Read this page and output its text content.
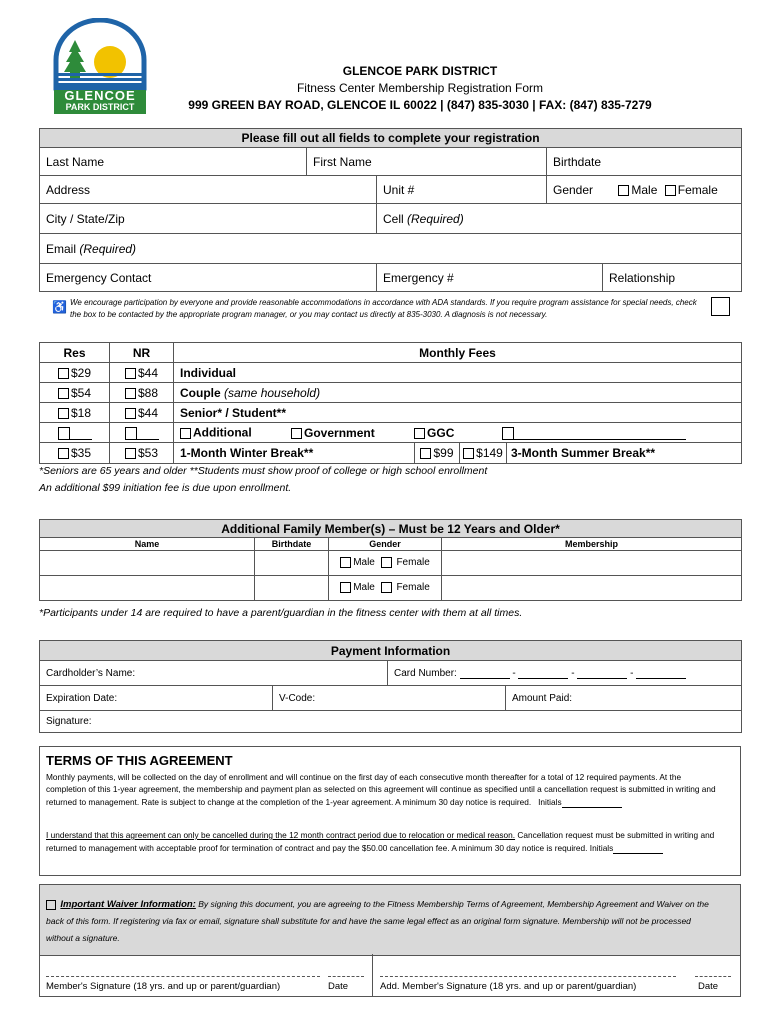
GLENCOE
PARK DISTRICT
GLENCOE PARK DISTRICT
Fitness Center Membership Registration Form
999 GREEN BAY ROAD, GLENCOE IL 60022 | (847) 835-3030 | FAX: (847) 835-7279
Please fill out all fields to complete your registration				
Last Name	First Name		Birthdate	
Address		Unit #	Gender Male Female	
City / State/Zip		Cell (Required)		
Email (Required)				
Emergency Contact		Emergency #		Relationship
♿ We encourage participation by everyone and provide reasonable accommodations in accordance with ADA standards. If you require program assistance for special needs, check the box to be contacted by the appropriate program manager, or you may contact us directly at 835-3030. A diagnosis is not necessary.
Res	NR	Monthly Fees
$29	$44	Individual
$54	$88	Couple (same household)
$18	$44	Senior* / Student**
		Additional Government GGC
$35	$53	1-Month Winter Break** $99 $149 3-Month Summer Break**
*Seniors are 65 years and older **Students must show proof of college or high school enrollment
An additional $99 initiation fee is due upon enrollment.
Additional Family Member(s) – Must be 12 Years and Older*			
Name	Birthdate	Gender	Membership
		Male Female	
		Male Female	
*Participants under 14 are required to have a parent/guardian in the fitness center with them at all times.
Payment Information			
Cardholder’s Name:		Card Number: - - -	
Expiration Date:	V-Code:		Amount Paid:
Signature:			
TERMS OF THIS AGREEMENT
Monthly payments, will be collected on the day of enrollment and will continue on the first day of each consecutive month thereafter for a total of 12 required payments. At the completion of this 1-year agreement, the membership and payment plan as selected on this agreement will continue as specified until a cancellation request is submitted in writing and returned to management. Rate is subject to change at the completion of the 1-year agreement. A minimum 30 day notice is required. Initials
I understand that this agreement can only be cancelled during the 12 month contract period due to relocation or medical reason. Cancellation request must be submitted in writing and returned to management with acceptable proof for termination of contract and pay the $50.00 cancellation fee. A minimum 30 day notice is required. Initials
Important Waiver Information: By signing this document, you are agreeing to the Fitness Membership Terms of Agreement, Membership Agreement and Waiver on the back of this form. If registering via fax or email, signature shall substitute for and have the same legal effect as an original form signature. Membership will not be processed without a signature.
Member's Signature (18 yrs. and up or parent/guardian)	Date	Add. Member's Signature (18 yrs. and up or parent/guardian)	Date
